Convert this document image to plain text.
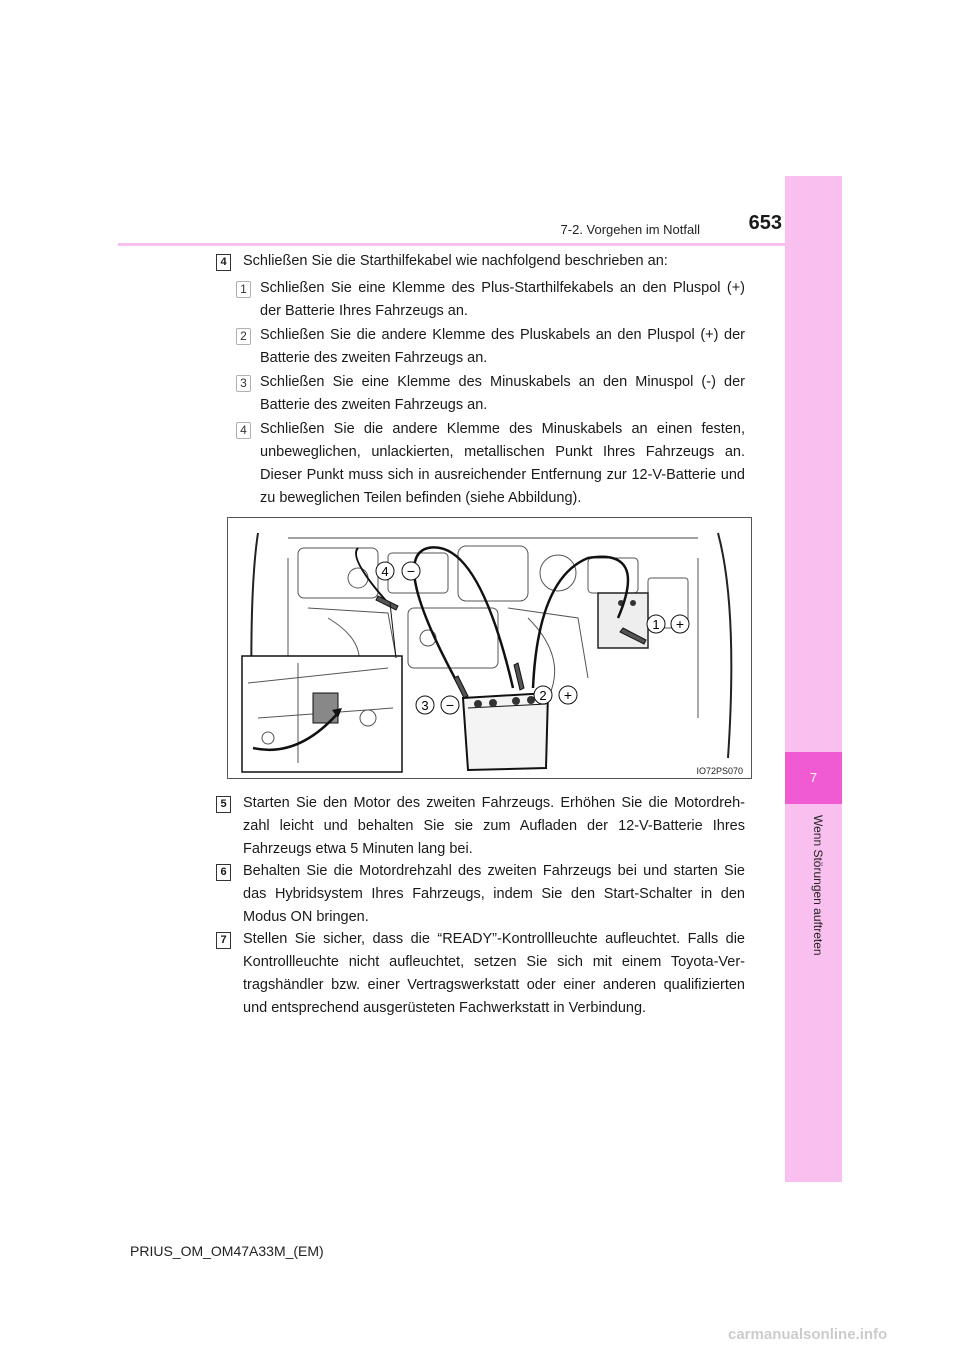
7
Wenn Störungen auftreten
7-2. Vorgehen im Notfall	653
4	Schließen Sie die Starthilfekabel wie nachfolgend beschrieben an:

1 Schließen Sie eine Klemme des Plus-Starthilfekabels an den Pluspol (+) der Batterie Ihres Fahrzeugs an.

2 Schließen Sie die andere Klemme des Pluskabels an den Pluspol (+) der Batterie des zweiten Fahrzeugs an.

3 Schließen Sie eine Klemme des Minuskabels an den Minuspol (-) der Batterie des zweiten Fahrzeugs an.

4 Schließen Sie die andere Klemme des Minuskabels an einen festen, unbeweglichen, unlackierten, metallischen Punkt Ihres Fahrzeugs an. Dieser Punkt muss sich in ausreichender Entfernung zur 12-V-Batterie und zu beweglichen Teilen befinden (siehe Abbildung).

4 −
1 +
2 +
3 −
IO72PS070
5	Starten Sie den Motor des zweiten Fahrzeugs. Erhöhen Sie die Motordreh-zahl leicht und behalten Sie sie zum Aufladen der 12-V-Batterie Ihres Fahrzeugs etwa 5 Minuten lang bei.

6	Behalten Sie die Motordrehzahl des zweiten Fahrzeugs bei und starten Sie das Hybridsystem Ihres Fahrzeugs, indem Sie den Start-Schalter in den Modus ON bringen.

7	Stellen Sie sicher, dass die “READY”-Kontrollleuchte aufleuchtet. Falls die Kontrollleuchte nicht aufleuchtet, setzen Sie sich mit einem Toyota-Ver-tragshändler bzw. einer Vertragswerkstatt oder einer anderen qualifizierten und entsprechend ausgerüsteten Fachwerkstatt in Verbindung.

PRIUS_OM_OM47A33M_(EM)
carmanualsonline.info
